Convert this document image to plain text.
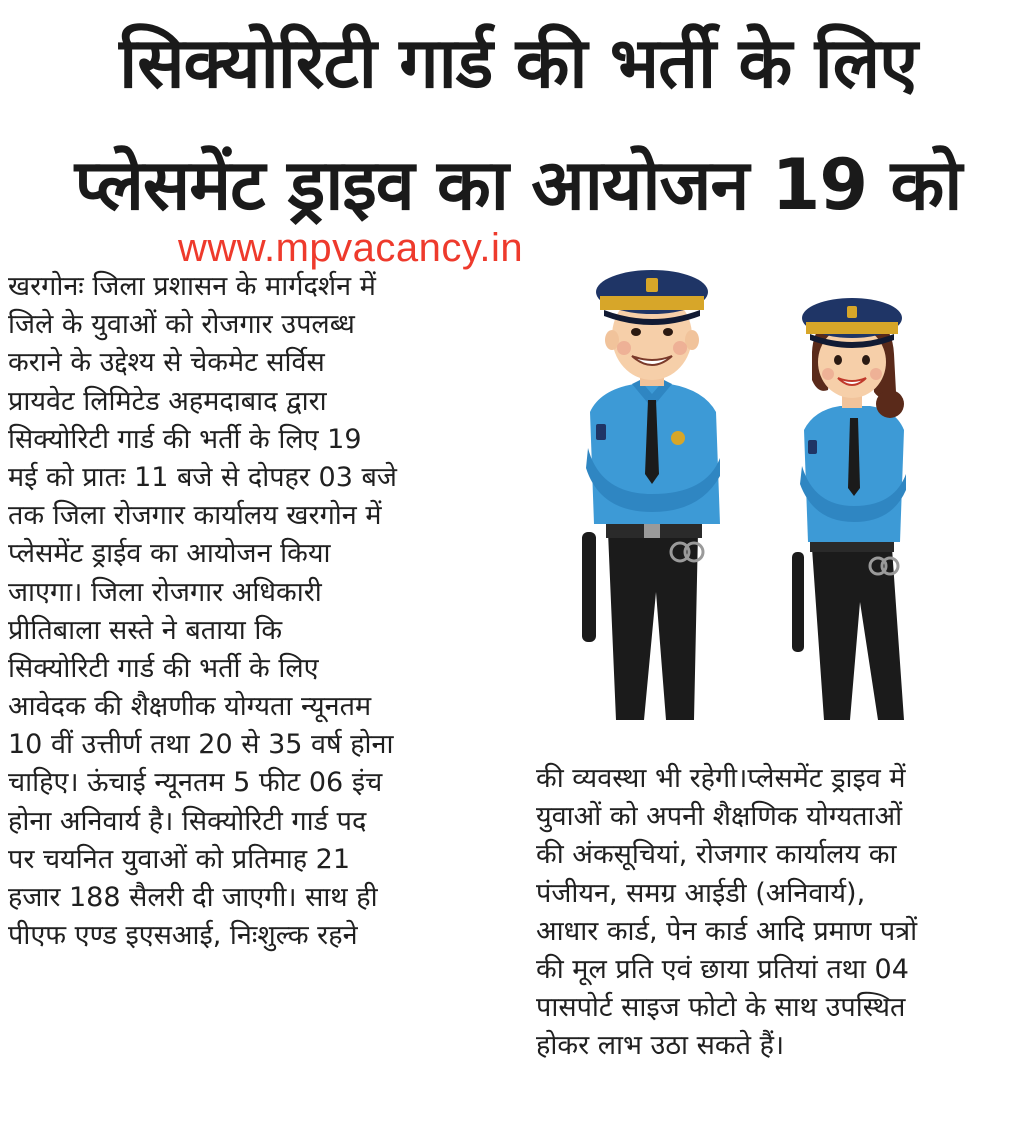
सिक्योरिटी गार्ड की भर्ती के लिए
प्लेसमेंट ड्राइव का आयोजन 19 को
www.mpvacancy.in
खरगोनः जिला प्रशासन के मार्गदर्शन में
जिले के युवाओं को रोजगार उपलब्ध
कराने के उद्देश्य से चेकमेट सर्विस
प्रायवेट लिमिटेड अहमदाबाद द्वारा
सिक्योरिटी गार्ड की भर्ती के लिए 19
मई को प्रातः 11 बजे से दोपहर 03 बजे
तक जिला रोजगार कार्यालय खरगोन में
प्लेसमेंट ड्राईव का आयोजन किया
जाएगा। जिला रोजगार अधिकारी
प्रीतिबाला सस्ते ने बताया कि
सिक्योरिटी गार्ड की भर्ती के लिए
आवेदक की शैक्षणीक योग्यता न्यूनतम
10 वीं उत्तीर्ण तथा 20 से 35 वर्ष होना
चाहिए। ऊंचाई न्यूनतम 5 फीट 06 इंच
होना अनिवार्य है। सिक्योरिटी गार्ड पद
पर चयनित युवाओं को प्रतिमाह 21
हजार 188 सैलरी दी जाएगी। साथ ही
पीएफ एण्ड इएसआई, निःशुल्क रहने
की व्यवस्था भी रहेगी।प्लेसमेंट ड्राइव में
युवाओं को अपनी शैक्षणिक योग्यताओं
की अंकसूचियां, रोजगार कार्यालय का
पंजीयन, समग्र आईडी (अनिवार्य),
आधार कार्ड, पेन कार्ड आदि प्रमाण पत्रों
की मूल प्रति एवं छाया प्रतियां तथा 04
पासपोर्ट साइज फोटो के साथ उपस्थित
होकर लाभ उठा सकते हैं।
